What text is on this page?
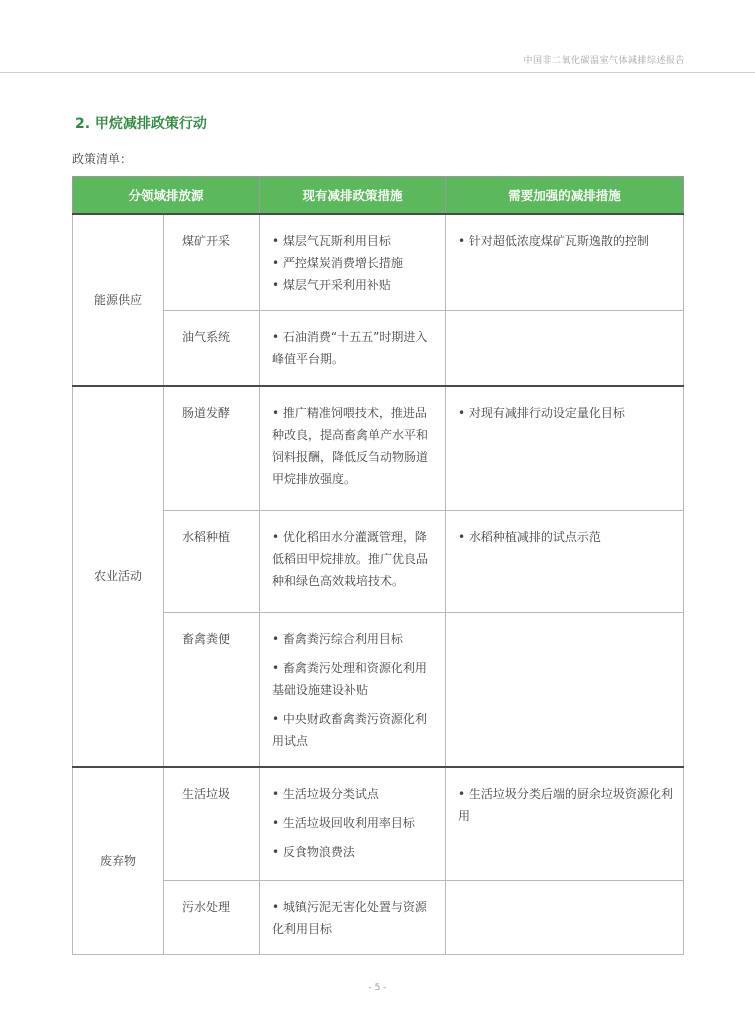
中国非二氧化碳温室气体减排综述报告
2. 甲烷减排政策行动
政策清单：
分领域排放源		现有减排政策措施	需要加强的减排措施
能源供应	煤矿开采	• 煤层气瓦斯利用目标
• 严控煤炭消费增长措施
• 煤层气开采利用补贴	• 针对超低浓度煤矿瓦斯逸散的控制

	油气系统	• 石油消费“十五五”时期进入峰值平台期。	

农业活动	肠道发酵	• 推广精准饲喂技术，推进品种改良，提高畜禽单产水平和饲料报酬，降低反刍动物肠道甲烷排放强度。	• 对现有减排行动设定量化目标

	水稻种植	• 优化稻田水分灌溉管理，降低稻田甲烷排放。推广优良品种和绿色高效栽培技术。	• 水稻种植减排的试点示范

	畜禽粪便	• 畜禽粪污综合利用目标
• 畜禽粪污处理和资源化利用基础设施建设补贴
• 中央财政畜禽粪污资源化利用试点	

废弃物	生活垃圾	• 生活垃圾分类试点
• 生活垃圾回收利用率目标
• 反食物浪费法	• 生活垃圾分类后端的厨余垃圾资源化利用

	污水处理	• 城镇污泥无害化处置与资源化利用目标	

- 5 -
